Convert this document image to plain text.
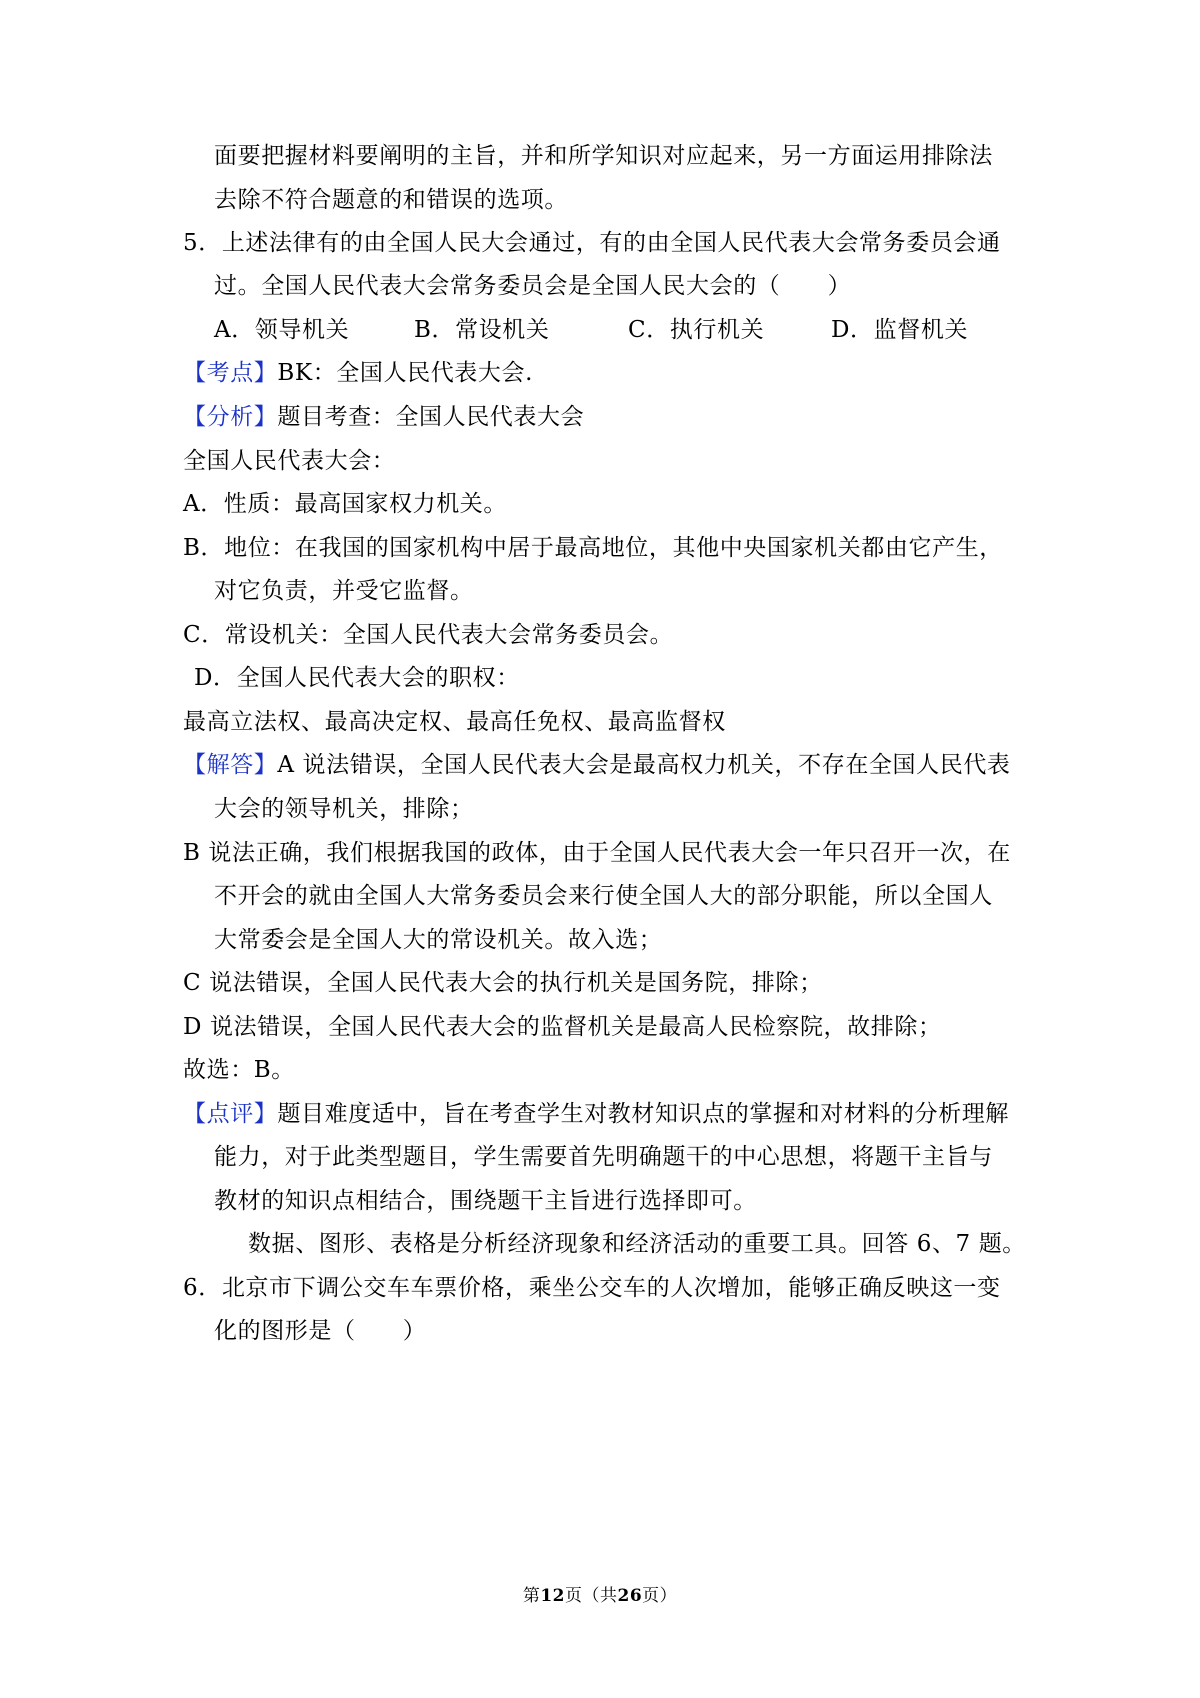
面要把握材料要阐明的主旨，并和所学知识对应起来，另一方面运用排除法
去除不符合题意的和错误的选项。
5．上述法律有的由全国人民大会通过，有的由全国人民代表大会常务委员会通
过。全国人民代表大会常务委员会是全国人民大会的（　　）
A．领导机关	B．常设机关	C．执行机关	D．监督机关
【考点】BK：全国人民代表大会.
【分析】题目考查：全国人民代表大会
全国人民代表大会：
A．性质：最高国家权力机关。
B．地位：在我国的国家机构中居于最高地位，其他中央国家机关都由它产生，
对它负责，并受它监督。
C．常设机关：全国人民代表大会常务委员会。
D．全国人民代表大会的职权：
最高立法权、最高决定权、最高任免权、最高监督权
【解答】A 说法错误，全国人民代表大会是最高权力机关，不存在全国人民代表
大会的领导机关，排除；
B 说法正确，我们根据我国的政体，由于全国人民代表大会一年只召开一次，在
不开会的就由全国人大常务委员会来行使全国人大的部分职能，所以全国人
大常委会是全国人大的常设机关。故入选；
C 说法错误，全国人民代表大会的执行机关是国务院，排除；
D 说法错误，全国人民代表大会的监督机关是最高人民检察院，故排除；
故选：B。
【点评】题目难度适中，旨在考查学生对教材知识点的掌握和对材料的分析理解
能力，对于此类型题目，学生需要首先明确题干的中心思想，将题干主旨与
教材的知识点相结合，围绕题干主旨进行选择即可。
数据、图形、表格是分析经济现象和经济活动的重要工具。回答 6、7 题。
6．北京市下调公交车车票价格，乘坐公交车的人次增加，能够正确反映这一变
化的图形是（　　）
第12页（共26页）
